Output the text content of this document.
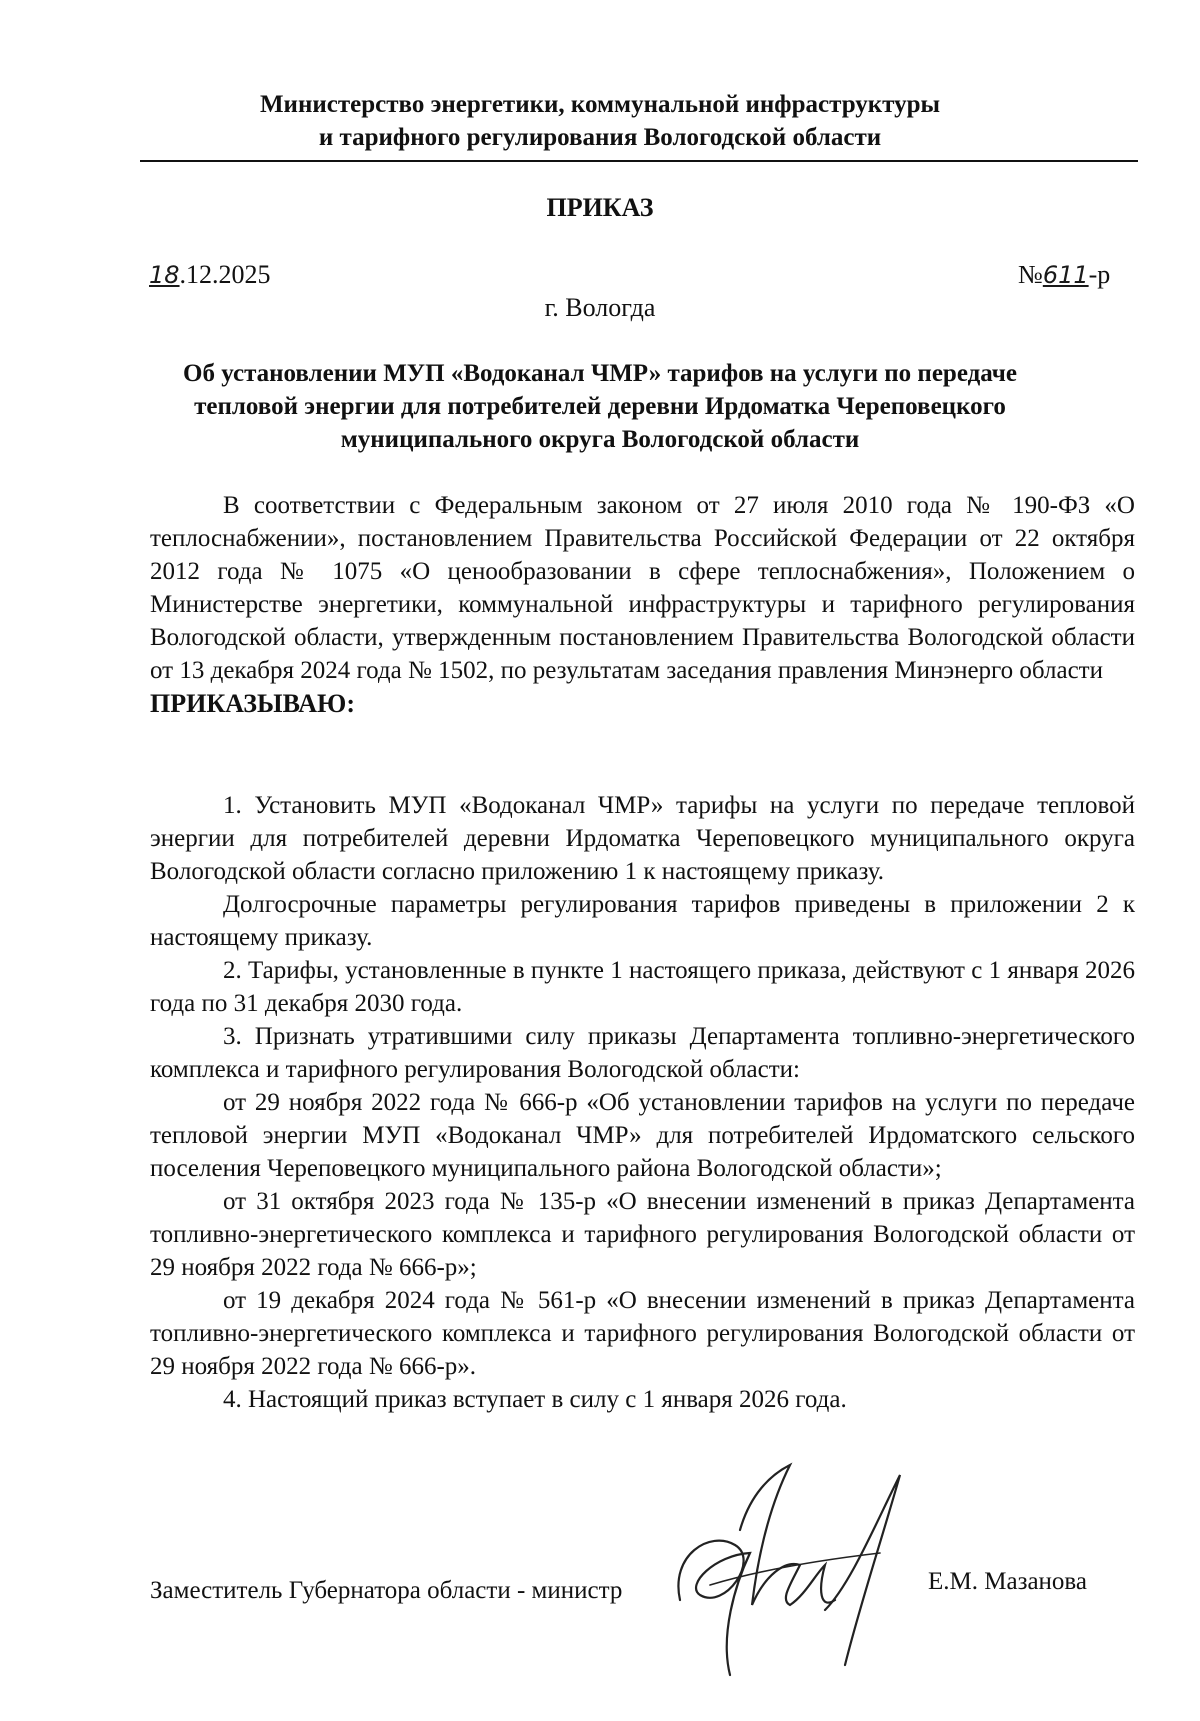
Министерство энергетики, коммунальной инфраструктуры
и тарифного регулирования Вологодской области
ПРИКАЗ
18.12.2025	№611-р
г. Вологда
Об установлении МУП «Водоканал ЧМР» тарифов на услуги по передаче тепловой энергии для потребителей деревни Ирдоматка Череповецкого муниципального округа Вологодской области

В соответствии с Федеральным законом от 27 июля 2010 года № 190-ФЗ «О теплоснабжении», постановлением Правительства Российской Федерации от 22 октября 2012 года № 1075 «О ценообразовании в сфере теплоснабжения», Положением о Министерстве энергетики, коммунальной инфраструктуры и тарифного регулирования Вологодской области, утвержденным постановлением Правительства Вологодской области от 13 декабря 2024 года № 1502, по результатам заседания правления Минэнерго области

ПРИКАЗЫВАЮ:

1. Установить МУП «Водоканал ЧМР» тарифы на услуги по передаче тепловой энергии для потребителей деревни Ирдоматка Череповецкого муниципального округа Вологодской области согласно приложению 1 к настоящему приказу.

Долгосрочные параметры регулирования тарифов приведены в приложении 2 к настоящему приказу.

2. Тарифы, установленные в пункте 1 настоящего приказа, действуют с 1 января 2026 года по 31 декабря 2030 года.

3. Признать утратившими силу приказы Департамента топливно-энергетического комплекса и тарифного регулирования Вологодской области:

от 29 ноября 2022 года № 666-р «Об установлении тарифов на услуги по передаче тепловой энергии МУП «Водоканал ЧМР» для потребителей Ирдоматского сельского поселения Череповецкого муниципального района Вологодской области»;

от 31 октября 2023 года № 135-р «О внесении изменений в приказ Департамента топливно-энергетического комплекса и тарифного регулирования Вологодской области от 29 ноября 2022 года № 666-р»;

от 19 декабря 2024 года № 561-р «О внесении изменений в приказ Департамента топливно-энергетического комплекса и тарифного регулирования Вологодской области от 29 ноября 2022 года № 666-р».

4. Настоящий приказ вступает в силу с 1 января 2026 года.

Заместитель Губернатора области - министр	Е.М. Мазанова
